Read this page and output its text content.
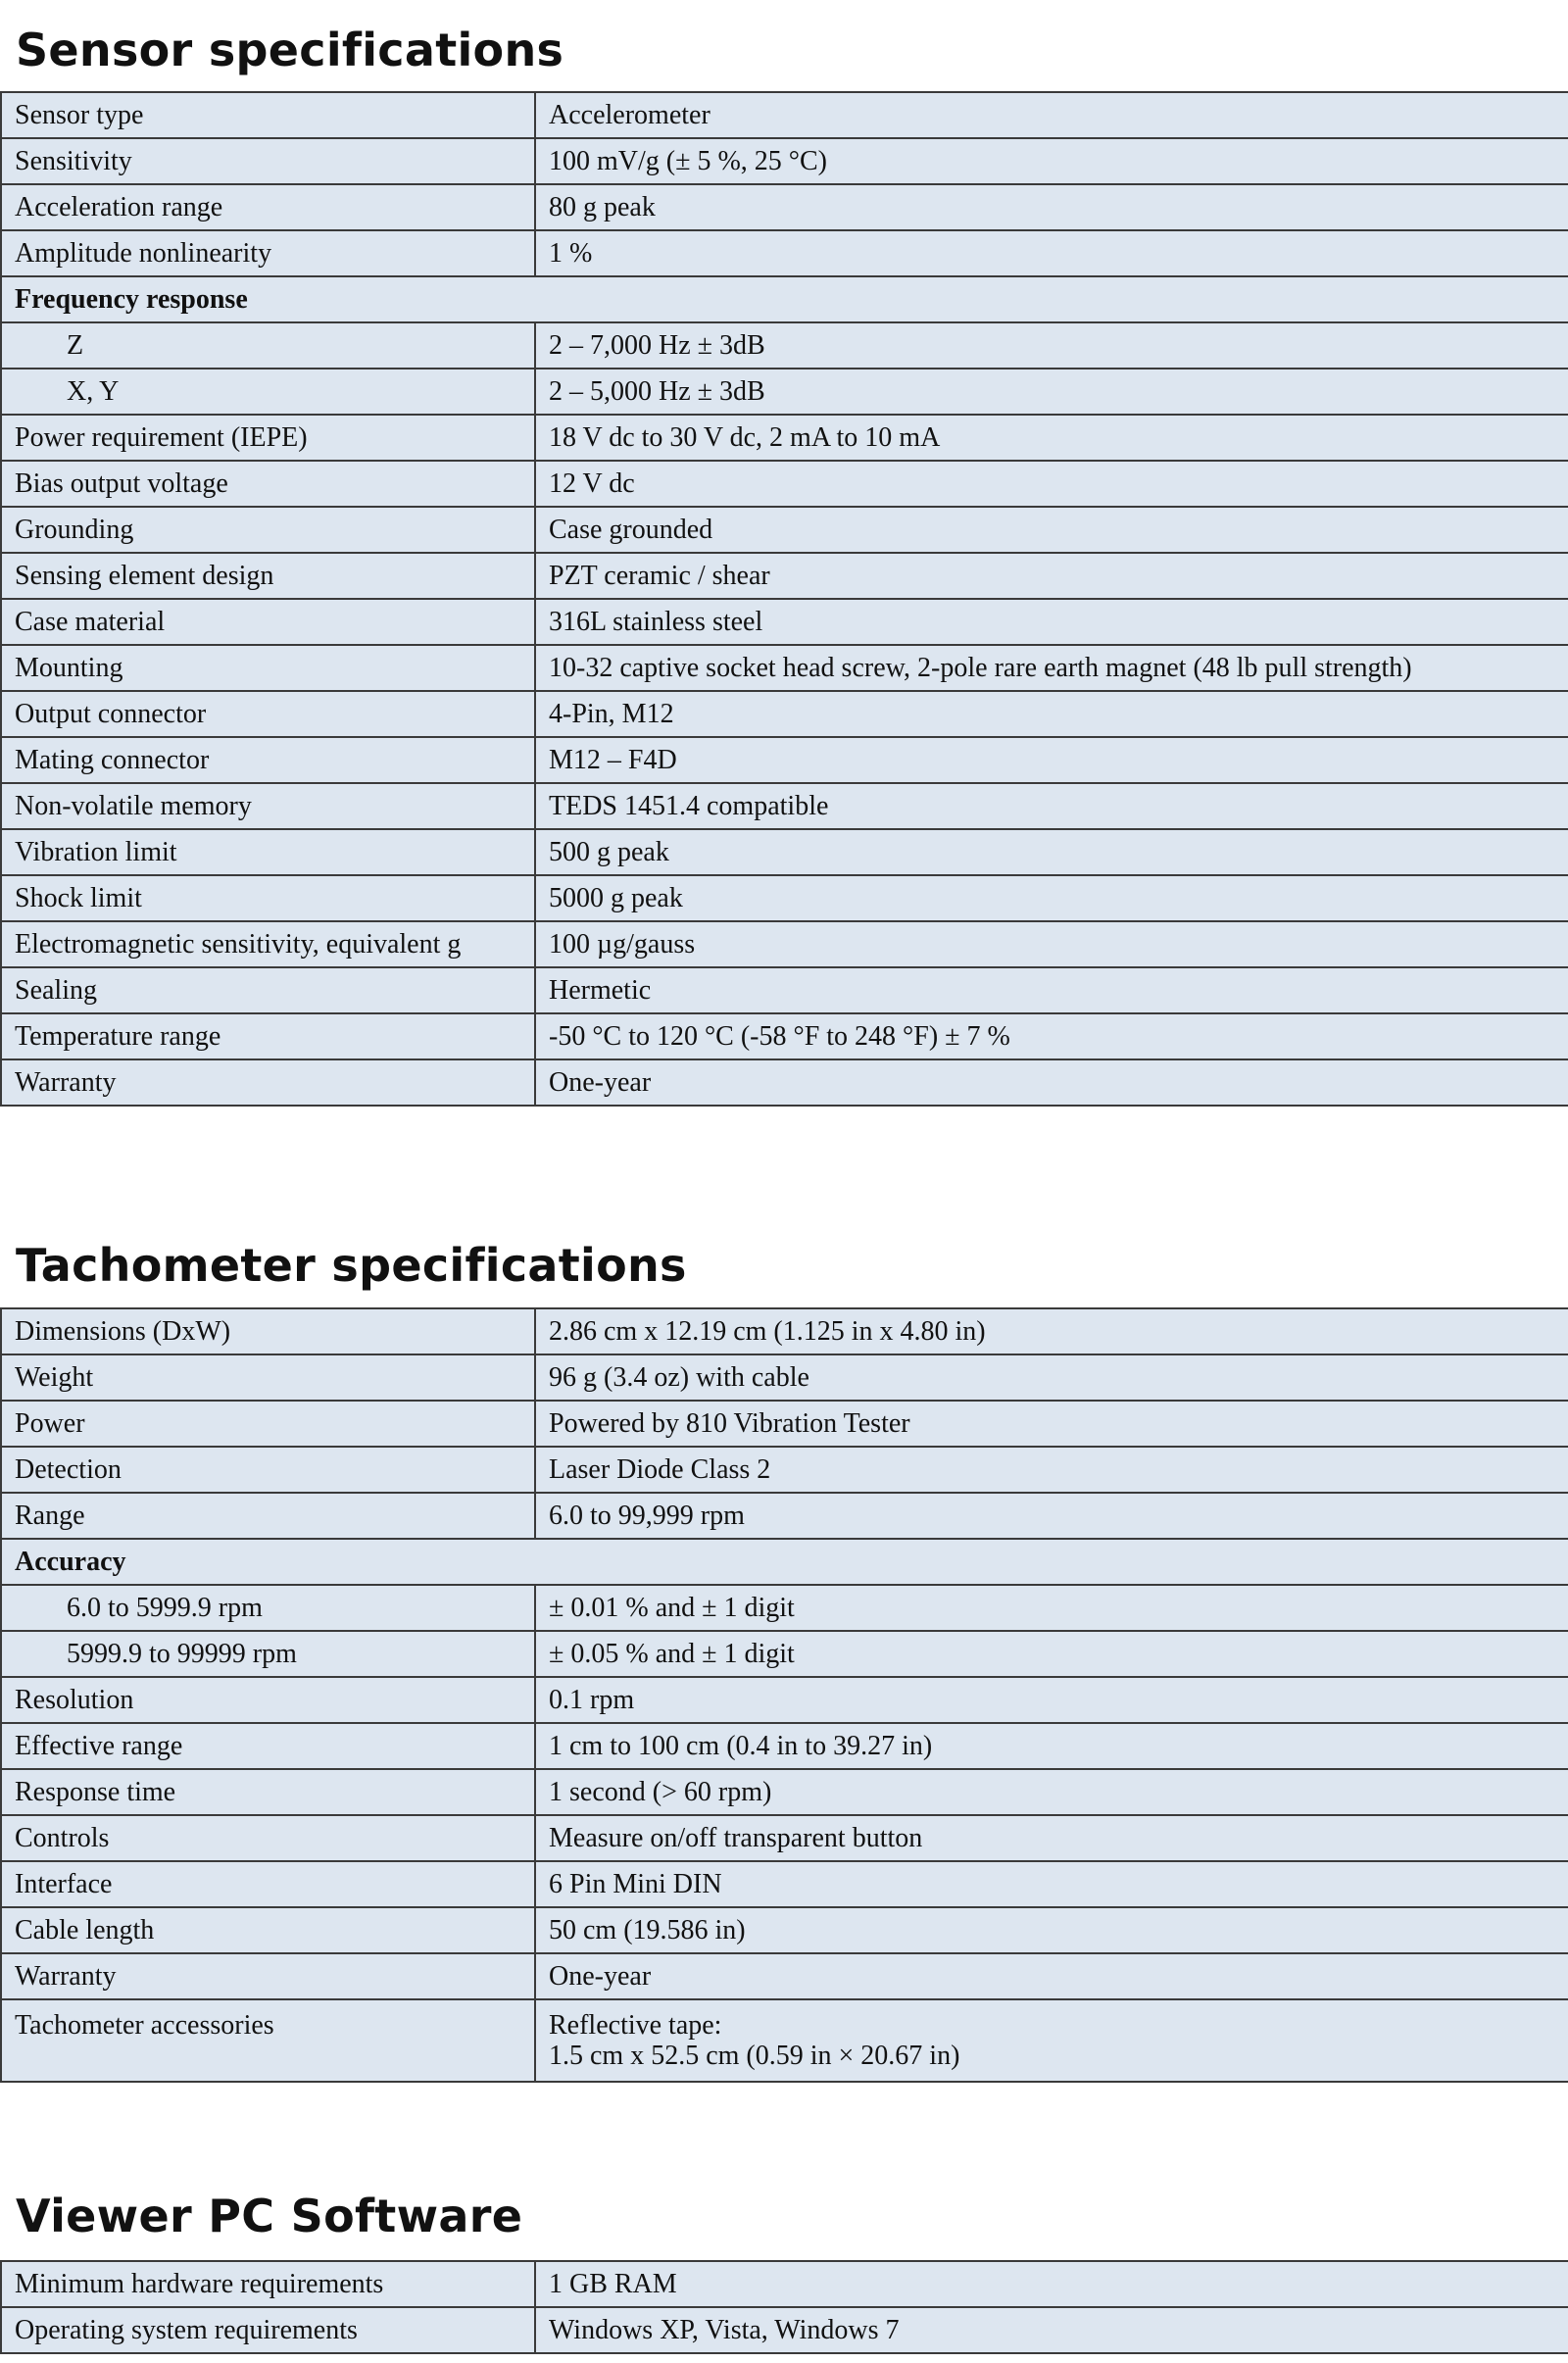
Sensor specifications
Sensor type	Accelerometer
Sensitivity	100 mV/g (± 5 %, 25 °C)
Acceleration range	80 g peak
Amplitude nonlinearity	1 %
Frequency response	
Z	2 – 7,000 Hz ± 3dB
X, Y	2 – 5,000 Hz ± 3dB
Power requirement (IEPE)	18 V dc to 30 V dc, 2 mA to 10 mA
Bias output voltage	12 V dc
Grounding	Case grounded
Sensing element design	PZT ceramic / shear
Case material	316L stainless steel
Mounting	10-32 captive socket head screw, 2-pole rare earth magnet (48 lb pull strength)
Output connector	4-Pin, M12
Mating connector	M12 – F4D
Non-volatile memory	TEDS 1451.4 compatible
Vibration limit	500 g peak
Shock limit	5000 g peak
Electromagnetic sensitivity, equivalent g	100 µg/gauss
Sealing	Hermetic
Temperature range	-50 °C to 120 °C (-58 °F to 248 °F) ± 7 %
Warranty	One-year
Tachometer specifications
Dimensions (DxW)	2.86 cm x 12.19 cm (1.125 in x 4.80 in)
Weight	96 g (3.4 oz) with cable
Power	Powered by 810 Vibration Tester
Detection	Laser Diode Class 2
Range	6.0 to 99,999 rpm
Accuracy	
6.0 to 5999.9 rpm	± 0.01 % and ± 1 digit
5999.9 to 99999 rpm	± 0.05 % and ± 1 digit
Resolution	0.1 rpm
Effective range	1 cm to 100 cm (0.4 in to 39.27 in)
Response time	1 second (> 60 rpm)
Controls	Measure on/off transparent button
Interface	6 Pin Mini DIN
Cable length	50 cm (19.586 in)
Warranty	One-year
Tachometer accessories	Reflective tape:
1.5 cm x 52.5 cm (0.59 in × 20.67 in)
Viewer PC Software
Minimum hardware requirements	1 GB RAM
Operating system requirements	Windows XP, Vista, Windows 7
